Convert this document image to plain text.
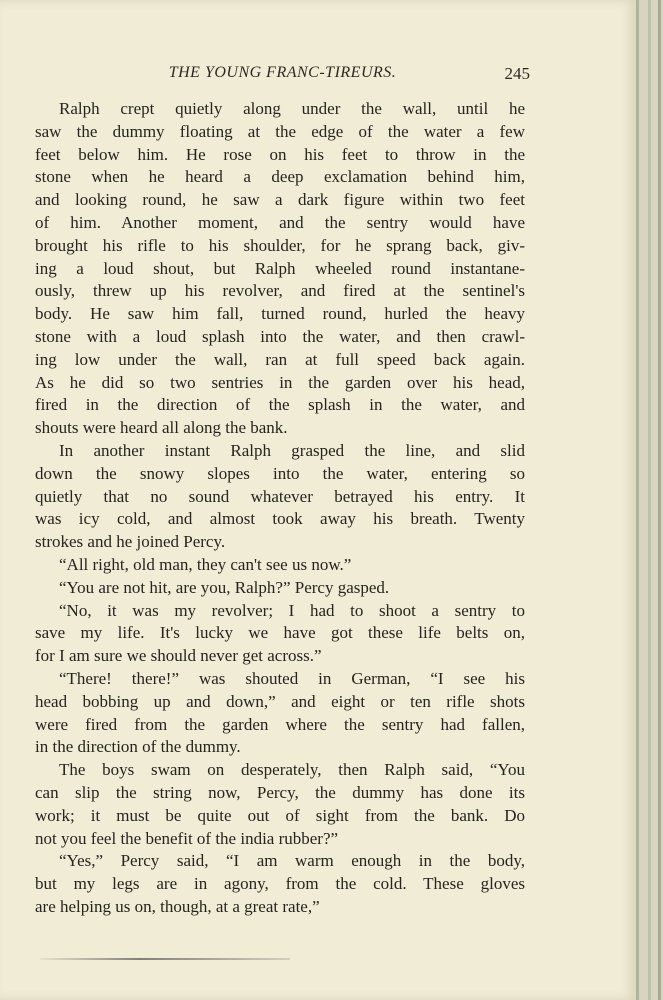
THE YOUNG FRANC-TIREURS.	245
Ralph crept quietly along under the wall, until he
saw the dummy floating at the edge of the water a few
feet below him. He rose on his feet to throw in the
stone when he heard a deep exclamation behind him,
and looking round, he saw a dark figure within two feet
of him. Another moment, and the sentry would have
brought his rifle to his shoulder, for he sprang back, giv-
ing a loud shout, but Ralph wheeled round instantane-
ously, threw up his revolver, and fired at the sentinel's
body. He saw him fall, turned round, hurled the heavy
stone with a loud splash into the water, and then crawl-
ing low under the wall, ran at full speed back again.
As he did so two sentries in the garden over his head,
fired in the direction of the splash in the water, and
shouts were heard all along the bank.
In another instant Ralph grasped the line, and slid
down the snowy slopes into the water, entering so
quietly that no sound whatever betrayed his entry. It
was icy cold, and almost took away his breath. Twenty
strokes and he joined Percy.
“All right, old man, they can't see us now.”
“You are not hit, are you, Ralph?” Percy gasped.
“No, it was my revolver; I had to shoot a sentry to
save my life. It's lucky we have got these life belts on,
for I am sure we should never get across.”
“There! there!” was shouted in German, “I see his
head bobbing up and down,” and eight or ten rifle shots
were fired from the garden where the sentry had fallen,
in the direction of the dummy.
The boys swam on desperately, then Ralph said, “You
can slip the string now, Percy, the dummy has done its
work; it must be quite out of sight from the bank. Do
not you feel the benefit of the india rubber?”
“Yes,” Percy said, “I am warm enough in the body,
but my legs are in agony, from the cold. These gloves
are helping us on, though, at a great rate,”
